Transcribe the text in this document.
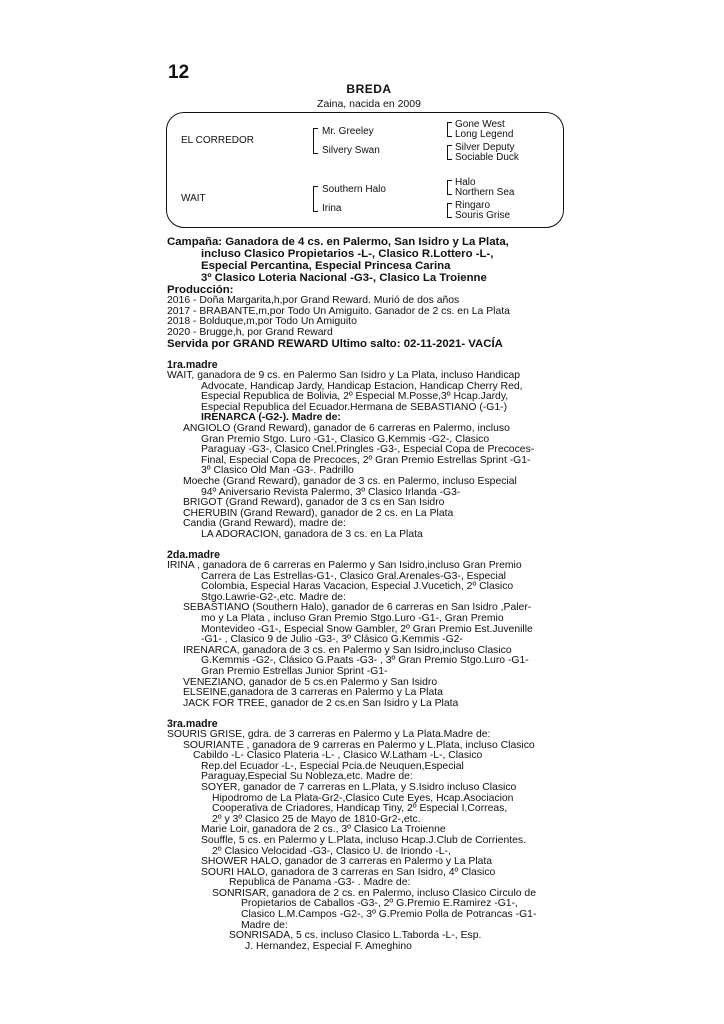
12
BREDA
Zaina, nacida en 2009
EL CORREDOR
WAIT
Mr. Greeley
Silvery Swan
Southern Halo
Irina
Gone West
Long Legend
Silver Deputy
Sociable Duck
Halo
Northern Sea
Ringaro
Souris Grise

Campaña: Ganadora de 4 cs. en Palermo, San Isidro y La Plata,

incluso Clasico Propietarios -L-, Clasico R.Lottero -L-,

Especial Percantina, Especial Princesa Carina

3º Clasico Loteria Nacional -G3-, Clasico La Troienne

Producción:

2016 - Doña Margarita,h,por Grand Reward. Murió de dos años

2017 - BRABANTE,m,por Todo Un Amiguito. Ganador de 2 cs. en La Plata

2018 - Bolduque,m,por Todo Un Amiguito

2020 - Brugge,h, por Grand Reward

Servida por GRAND REWARD Ultimo salto: 02-11-2021- VACÍA

1ra.madre

WAIT, ganadora de 9 cs. en Palermo San Isidro y La Plata, incluso Handicap

Advocate, Handicap Jardy, Handicap Estacion, Handicap Cherry Red,

Especial Republica de Bolivia, 2º Especial M.Posse,3º Hcap.Jardy,

Especial Republica del Ecuador.Hermana de SEBASTIANO (-G1-)

IRENARCA (-G2-). Madre de:

ANGIOLO (Grand Reward), ganador de 6 carreras en Palermo, incluso

Gran Premio Stgo. Luro -G1-, Clasico G.Kemmis -G2-, Clasico

Paraguay -G3-, Clasico Cnel.Pringles -G3-, Especial Copa de Precoces-

Final, Especial Copa de Precoces, 2º Gran Premio Estrellas Sprint -G1-

3º Clasico Old Man -G3-. Padrillo

Moeche (Grand Reward), ganador de 3 cs. en Palermo, incluso Especial

94º Aniversario Revista Palermo, 3º Clasico Irlanda -G3-

BRIGOT (Grand Reward), ganador de 3 cs en San Isidro

CHERUBIN (Grand Reward), ganador de 2 cs. en La Plata

Candia (Grand Reward), madre de:

LA ADORACION, ganadora de 3 cs. en La Plata

2da.madre

IRINA , ganadora de 6 carreras en Palermo y San Isidro,incluso Gran Premio

Carrera de Las Estrellas-G1-, Clasico Gral.Arenales-G3-, Especial

Colombia, Especial Haras Vacacion, Especial J.Vucetich, 2º Clasico

Stgo.Lawrie-G2-,etc. Madre de:

SEBASTIANO (Southern Halo), ganador de 6 carreras en San Isidro ,Paler-

mo y La Plata , incluso Gran Premio Stgo.Luro -G1-, Gran Premio

Montevideo -G1-, Especial Snow Gambler, 2º Gran Premio Est.Juvenille

-G1- , Clasico 9 de Julio -G3-, 3º Clásico G.Kemmis -G2-

IRENARCA, ganadora de 3 cs. en Palermo y San Isidro,incluso Clasico

G.Kemmis -G2-, Clásico G.Paats -G3- , 3º Gran Premio Stgo.Luro -G1-

Gran Premio Estrellas Junior Sprint -G1-

VENEZIANO, ganador de 5 cs.en Palermo y San Isidro

ELSEINE,ganadora de 3 carreras en Palermo y La Plata

JACK FOR TREE, ganador de 2 cs.en San Isidro y La Plata

3ra.madre

SOURIS GRISE, gdra. de 3 carreras en Palermo y La Plata.Madre de:

SOURIANTE , ganadora de 9 carreras en Palermo y L.Plata, incluso Clasico

Cabildo -L- Clasico Plateria -L- , Clasico W.Latham -L-, Clasico

Rep.del Ecuador -L-, Especial Pcia.de Neuquen,Especial

Paraguay,Especial Su Nobleza,etc. Madre de:

SOYER, ganador de 7 carreras en L.Plata, y S.Isidro incluso Clasico

Hipodromo de La Plata-Gr2-,Clasico Cute Eyes, Hcap.Asociacion

Cooperativa de Criadores, Handicap Tiny, 2º Especial I.Correas,

2º y 3º Clasico 25 de Mayo de 1810-Gr2-,etc.

Marie Loir, ganadora de 2 cs., 3º Clasico La Troienne

Souffle, 5 cs. en Palermo y L.Plata, incluso Hcap.J.Club de Corrientes.

2º Clasico Velocidad -G3-, Clasico U. de Iriondo -L-,

SHOWER HALO, ganador de 3 carreras en Palermo y La Plata

SOURI HALO, ganadora de 3 carreras en San Isidro, 4º Clasico

Republica de Panama -G3- . Madre de:

SONRISAR, ganadora de 2 cs. en Palermo, incluso Clasico Circulo de

Propietarios de Caballos -G3-, 2º G.Premio E.Ramirez -G1-,

Clasico L.M.Campos -G2-, 3º G.Premio Polla de Potrancas -G1-

Madre de:

SONRISADA, 5 cs. incluso Clasico L.Taborda -L-, Esp.

J. Hernandez, Especial F. Ameghino
